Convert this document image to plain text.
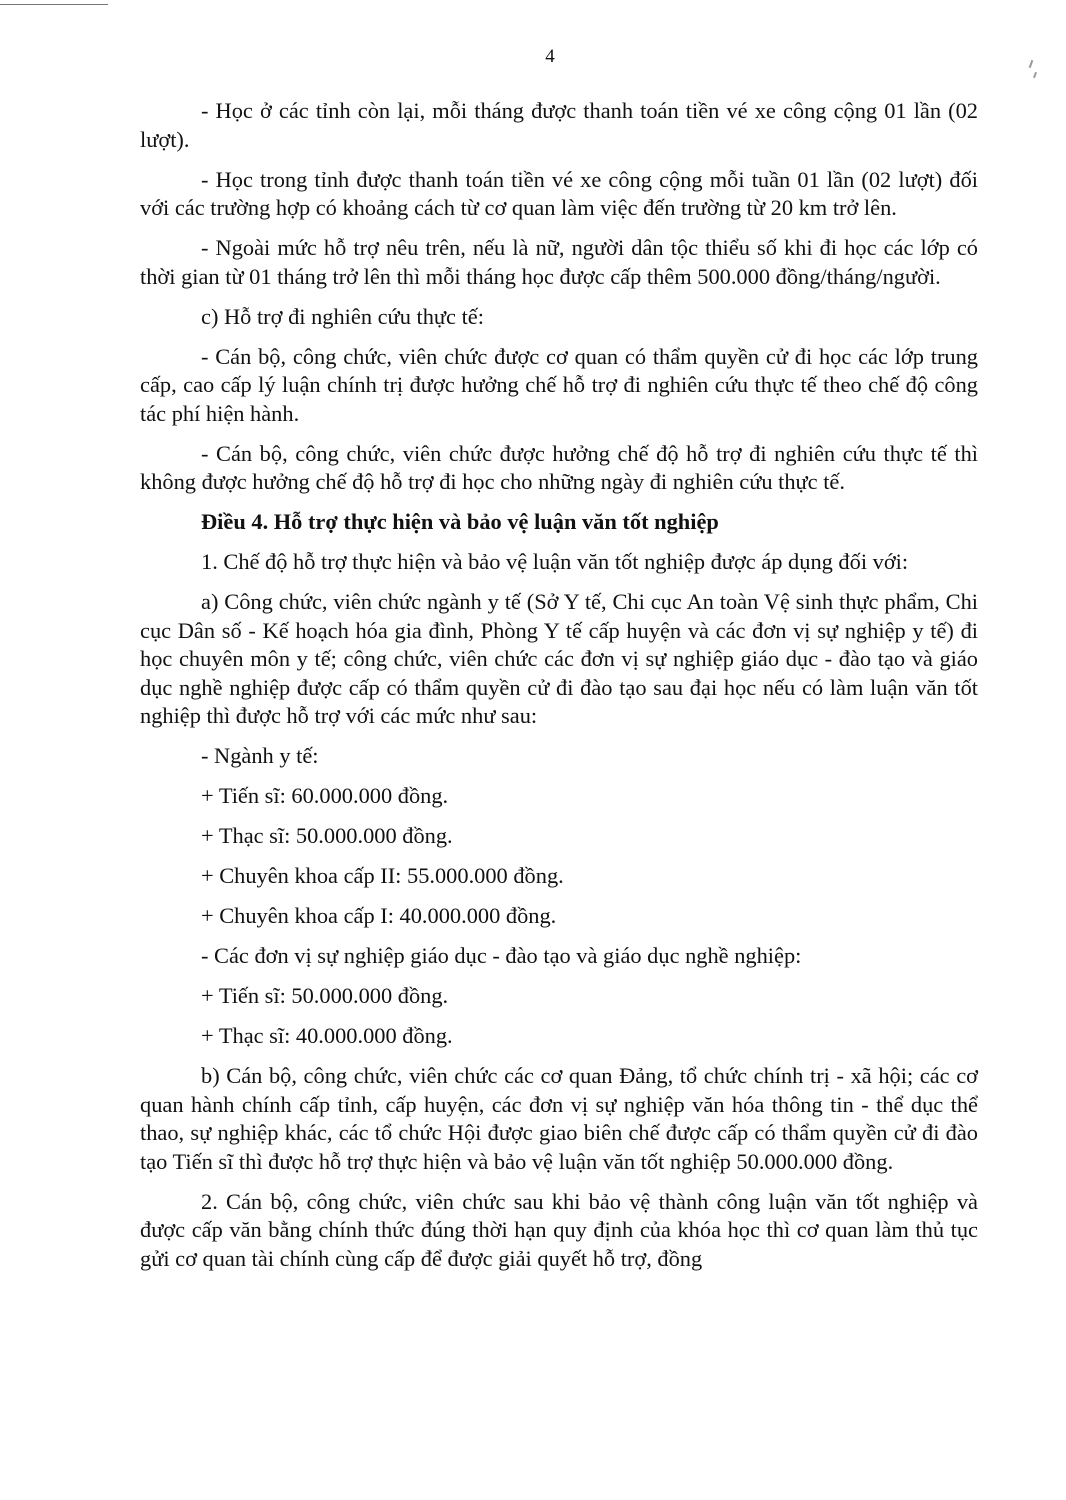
4

- Học ở các tỉnh còn lại, mỗi tháng được thanh toán tiền vé xe công cộng 01 lần (02 lượt).

- Học trong tỉnh được thanh toán tiền vé xe công cộng mỗi tuần 01 lần (02 lượt) đối với các trường hợp có khoảng cách từ cơ quan làm việc đến trường từ 20 km trở lên.

- Ngoài mức hỗ trợ nêu trên, nếu là nữ, người dân tộc thiểu số khi đi học các lớp có thời gian từ 01 tháng trở lên thì mỗi tháng học được cấp thêm 500.000 đồng/tháng/người.

c) Hỗ trợ đi nghiên cứu thực tế:

- Cán bộ, công chức, viên chức được cơ quan có thẩm quyền cử đi học các lớp trung cấp, cao cấp lý luận chính trị được hưởng chế hỗ trợ đi nghiên cứu thực tế theo chế độ công tác phí hiện hành.

- Cán bộ, công chức, viên chức được hưởng chế độ hỗ trợ đi nghiên cứu thực tế thì không được hưởng chế độ hỗ trợ đi học cho những ngày đi nghiên cứu thực tế.

Điều 4. Hỗ trợ thực hiện và bảo vệ luận văn tốt nghiệp

1. Chế độ hỗ trợ thực hiện và bảo vệ luận văn tốt nghiệp được áp dụng đối với:

a) Công chức, viên chức ngành y tế (Sở Y tế, Chi cục An toàn Vệ sinh thực phẩm, Chi cục Dân số - Kế hoạch hóa gia đình, Phòng Y tế cấp huyện và các đơn vị sự nghiệp y tế) đi học chuyên môn y tế; công chức, viên chức các đơn vị sự nghiệp giáo dục - đào tạo và giáo dục nghề nghiệp được cấp có thẩm quyền cử đi đào tạo sau đại học nếu có làm luận văn tốt nghiệp thì được hỗ trợ với các mức như sau:

- Ngành y tế:

+ Tiến sĩ: 60.000.000 đồng.

+ Thạc sĩ: 50.000.000 đồng.

+ Chuyên khoa cấp II: 55.000.000 đồng.

+ Chuyên khoa cấp I: 40.000.000 đồng.

- Các đơn vị sự nghiệp giáo dục - đào tạo và giáo dục nghề nghiệp:

+ Tiến sĩ: 50.000.000 đồng.

+ Thạc sĩ: 40.000.000 đồng.

b) Cán bộ, công chức, viên chức các cơ quan Đảng, tổ chức chính trị - xã hội; các cơ quan hành chính cấp tỉnh, cấp huyện, các đơn vị sự nghiệp văn hóa thông tin - thể dục thể thao, sự nghiệp khác, các tổ chức Hội được giao biên chế được cấp có thẩm quyền cử đi đào tạo Tiến sĩ thì được hỗ trợ thực hiện và bảo vệ luận văn tốt nghiệp 50.000.000 đồng.

2. Cán bộ, công chức, viên chức sau khi bảo vệ thành công luận văn tốt nghiệp và được cấp văn bằng chính thức đúng thời hạn quy định của khóa học thì cơ quan làm thủ tục gửi cơ quan tài chính cùng cấp để được giải quyết hỗ trợ, đồng
